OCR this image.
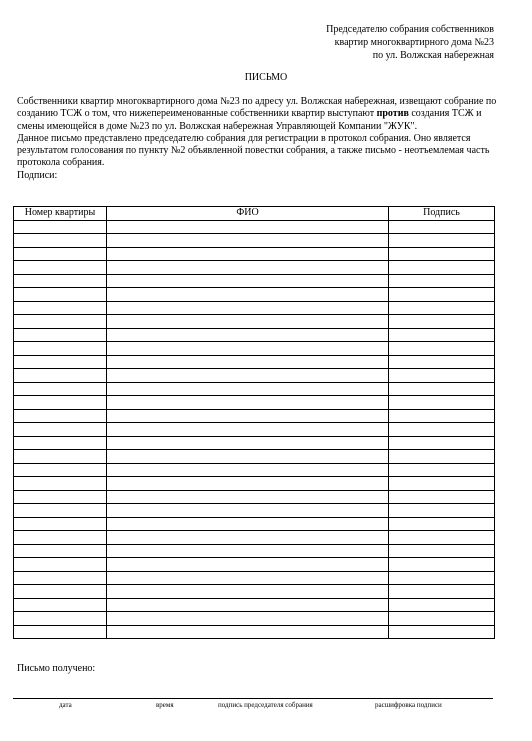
Председателю собрания собственников
квартир многоквартирного дома №23
по ул. Волжская набережная
ПИСЬМО

Собственники квартир многоквартирного дома №23 по адресу ул. Волжская набережная, извещают собрание по созданию ТСЖ о том, что нижепереименованные собственники квартир выступают против создания ТСЖ и смены имеющейся в доме №23 по ул. Волжская набережная Управляющей Компании "ЖУК".

Данное письмо представлено председателю собрания для регистрации в протокол собрания. Оно является результатом голосования по пункту №2 объявленной повестки собрания, а также письмо - неотъемлемая часть протокола собрания.

Подписи:

Номер квартиры	ФИО	Подпись

Письмо получено:
дата	время	подпись председателя собрания	расшифровка подписи
